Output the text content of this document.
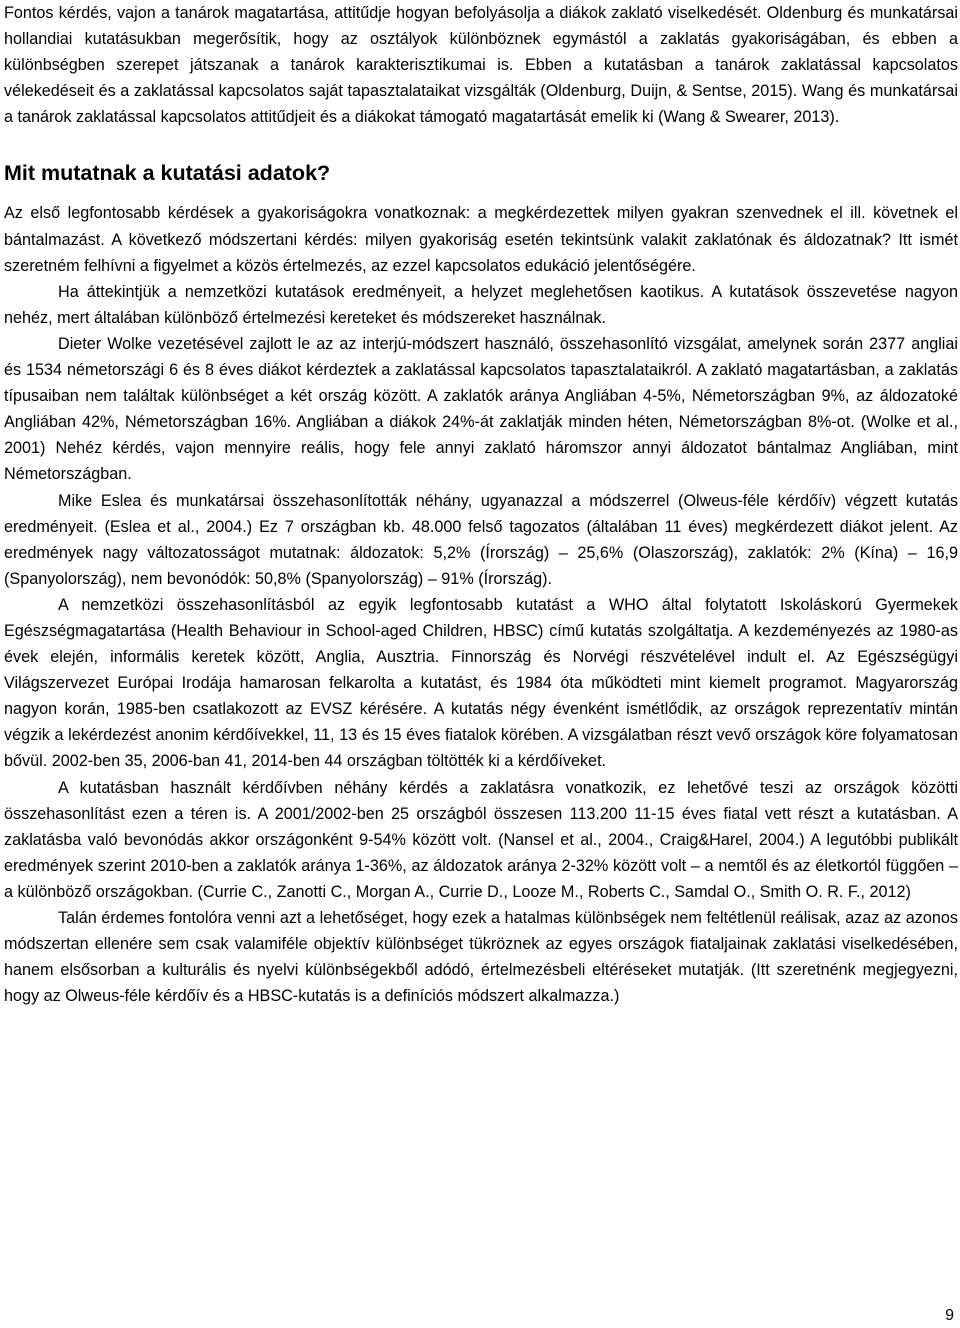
Fontos kérdés, vajon a tanárok magatartása, attitűdje hogyan befolyásolja a diákok zaklató viselkedését. Oldenburg és munkatársai hollandiai kutatásukban megerősítik, hogy az osztályok különböznek egymástól a zaklatás gyakoriságában, és ebben a különbségben szerepet játszanak a tanárok karakterisztikumai is. Ebben a kutatásban a tanárok zaklatással kapcsolatos vélekedéseit és a zaklatással kapcsolatos saját tapasztalataikat vizsgálták (Oldenburg, Duijn, & Sentse, 2015). Wang és munkatársai a tanárok zaklatással kapcsolatos attitűdjeit és a diákokat támogató magatartását emelik ki (Wang & Swearer, 2013).

Mit mutatnak a kutatási adatok?

Az első legfontosabb kérdések a gyakoriságokra vonatkoznak: a megkérdezettek milyen gyakran szenvednek el ill. követnek el bántalmazást. A következő módszertani kérdés: milyen gyakoriság esetén tekintsünk valakit zaklatónak és áldozatnak? Itt ismét szeretném felhívni a figyelmet a közös értelmezés, az ezzel kapcsolatos edukáció jelentőségére.

Ha áttekintjük a nemzetközi kutatások eredményeit, a helyzet meglehetősen kaotikus. A kutatások összevetése nagyon nehéz, mert általában különböző értelmezési kereteket és módszereket használnak.

Dieter Wolke vezetésével zajlott le az az interjú-módszert használó, összehasonlító vizsgálat, amelynek során 2377 angliai és 1534 németországi 6 és 8 éves diákot kérdeztek a zaklatással kapcsolatos tapasztalataikról. A zaklató magatartásban, a zaklatás típusaiban nem találtak különbséget a két ország között. A zaklatók aránya Angliában 4-5%, Németországban 9%, az áldozatoké Angliában 42%, Németországban 16%. Angliában a diákok 24%-át zaklatják minden héten, Németországban 8%-ot. (Wolke et al., 2001) Nehéz kérdés, vajon mennyire reális, hogy fele annyi zaklató háromszor annyi áldozatot bántalmaz Angliában, mint Németországban.

Mike Eslea és munkatársai összehasonlították néhány, ugyanazzal a módszerrel (Olweus-féle kérdőív) végzett kutatás eredményeit. (Eslea et al., 2004.) Ez 7 országban kb. 48.000 felső tagozatos (általában 11 éves) megkérdezett diákot jelent. Az eredmények nagy változatosságot mutatnak: áldozatok: 5,2% (Írország) – 25,6% (Olaszország), zaklatók: 2% (Kína) – 16,9 (Spanyolország), nem bevonódók: 50,8% (Spanyolország) – 91% (Írország).

A nemzetközi összehasonlításból az egyik legfontosabb kutatást a WHO által folytatott Iskoláskorú Gyermekek Egészségmagatartása (Health Behaviour in School-aged Children, HBSC) című kutatás szolgáltatja. A kezdeményezés az 1980-as évek elején, informális keretek között, Anglia, Ausztria. Finnország és Norvégi részvételével indult el. Az Egészségügyi Világszervezet Európai Irodája hamarosan felkarolta a kutatást, és 1984 óta működteti mint kiemelt programot. Magyarország nagyon korán, 1985-ben csatlakozott az EVSZ kérésére. A kutatás négy évenként ismétlődik, az országok reprezentatív mintán végzik a lekérdezést anonim kérdőívekkel, 11, 13 és 15 éves fiatalok körében. A vizsgálatban részt vevő országok köre folyamatosan bővül. 2002-ben 35, 2006-ban 41, 2014-ben 44 országban töltötték ki a kérdőíveket.

A kutatásban használt kérdőívben néhány kérdés a zaklatásra vonatkozik, ez lehetővé teszi az országok közötti összehasonlítást ezen a téren is. A 2001/2002-ben 25 országból összesen 113.200 11-15 éves fiatal vett részt a kutatásban. A zaklatásba való bevonódás akkor országonként 9-54% között volt. (Nansel et al., 2004., Craig&Harel, 2004.) A legutóbbi publikált eredmények szerint 2010-ben a zaklatók aránya 1-36%, az áldozatok aránya 2-32% között volt – a nemtől és az életkortól függően – a különböző országokban. (Currie C., Zanotti C., Morgan A., Currie D., Looze M., Roberts C., Samdal O., Smith O. R. F., 2012)

Talán érdemes fontolóra venni azt a lehetőséget, hogy ezek a hatalmas különbségek nem feltétlenül reálisak, azaz az azonos módszertan ellenére sem csak valamiféle objektív különbséget tükröznek az egyes országok fiataljainak zaklatási viselkedésében, hanem elsősorban a kulturális és nyelvi különbségekből adódó, értelmezésbeli eltéréseket mutatják. (Itt szeretnénk megjegyezni, hogy az Olweus-féle kérdőív és a HBSC-kutatás is a definíciós módszert alkalmazza.)

9
